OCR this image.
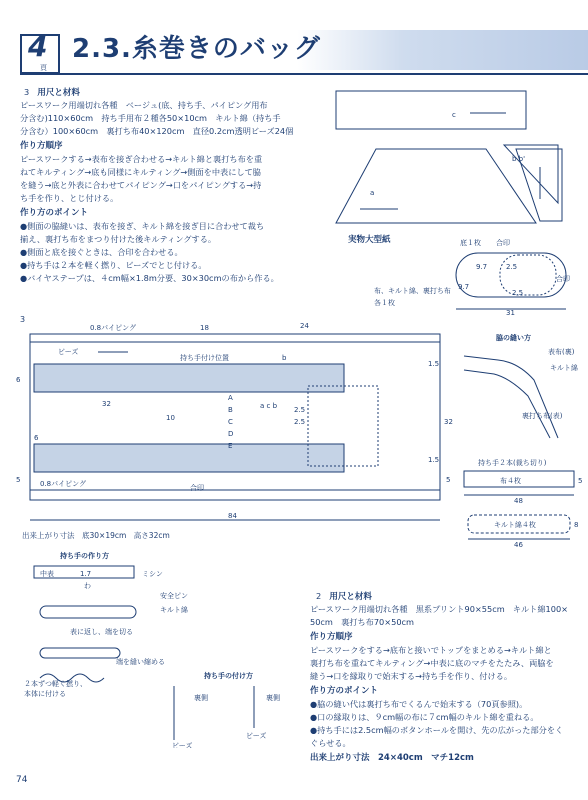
4
頁
2.3.糸巻きのバッグ
3　 用尺と材料
ピースワーク用端切れ各種　ベージュ(底、持ち手、パイピング用布
分含む)110×60cm　持ち手用布２種各50×10cm　キルト綿（持ち手
分含む）100×60cm　裏打ち布40×120cm　直径0.2cm透明ビーズ24個
作り方順序
ピースワークする→表布を接ぎ合わせる→キルト綿と裏打ち布を重
ねてキルティング→底も同様にキルティング→側面を中表にして脇
を縫う→底と外表に合わせてパイピング→口をパイピングする→持
ち手を作り、とじ付ける。
作り方のポイント
●側面の脇縫いは、表布を接ぎ、キルト綿を接ぎ目に合わせて裁ち
揃え、裏打ち布をまつり付けた後キルティングする。
●側面と底を接ぐときは、合印を合わせる。
●持ち手は２本を軽く撚り、ビーズでとじ付ける。
●バイヤステープは、４cm幅×1.8m分要、30×30cmの布から作る。
c
a
b b'
実物大型紙	底１枚 合印
9.7	2.5
9.7
2.5
合印
布、キルト綿、裏打ち布
各１枚
31
3
0.8パイピング	18	24
ビーズ
持ち手付け位置	b
1.5
6
32
10
a c b
A
B
C
D
E
2.5
2.5	32
6
5	5
1.5
0.8パイピング	合印
84
出来上がり寸法　底30×19cm　高さ32cm
脇の縫い方
表布(裏)
キルト綿
裏打ち布(表)
持ち手２本(裁ち切り)
布４枚	5
48
キルト綿４枚	8
46
持ち手の作り方
中表	1.7
わ
ミシン
安全ピン
キルト綿
表に返し、端を切る
端を縫い縮める
２本ずつ軽く撚り、
本体に付ける
持ち手の付け方
裏側	裏側
ビーズ
ビーズ
2　 用尺と材料
ピースワーク用端切れ各種　黒系プリント90×55cm　キルト綿100×
50cm　裏打ち布70×50cm
作り方順序
ピースワークをする→底布と接いでトップをまとめる→キルト綿と
裏打ち布を重ねてキルティング→中表に底のマチをたたみ、両脇を
縫う→口を縁取りで始末する→持ち手を作り、付ける。
作り方のポイント
●脇の縫い代は裏打ち布でくるんで始末する（70頁参照)。
●口の縁取りは、９cm幅の布に７cm幅のキルト綿を重ねる。
●持ち手には2.5cm幅のボタンホールを開け、先の広がった部分をく
ぐらせる。
出来上がり寸法　24×40cm　マチ12cm
74
